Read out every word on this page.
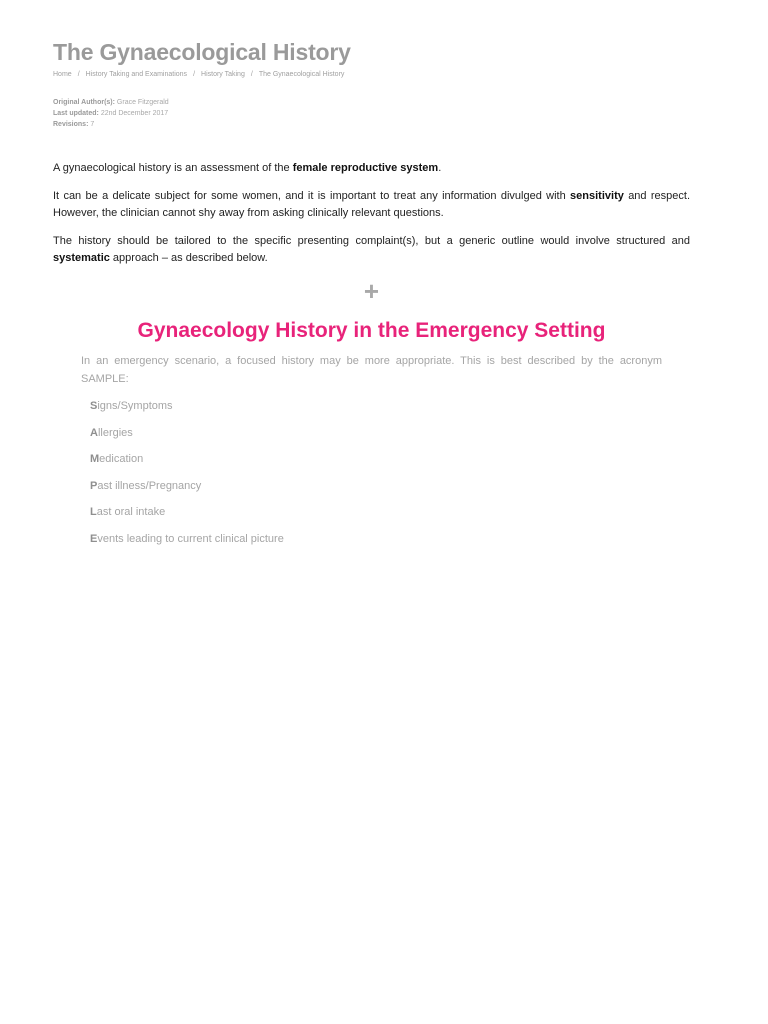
The Gynaecological History
Home / History Taking and Examinations / History Taking / The Gynaecological History
Original Author(s): Grace Fitzgerald
Last updated: 22nd December 2017
Revisions: 7

A gynaecological history is an assessment of the female reproductive system.

It can be a delicate subject for some women, and it is important to treat any information divulged with sensitivity and respect. However, the clinician cannot shy away from asking clinically relevant questions.

The history should be tailored to the specific presenting complaint(s), but a generic outline would involve structured and systematic approach – as described below.

+
Gynaecology History in the Emergency Setting
In an emergency scenario, a focused history may be more appropriate. This is best described by the acronym SAMPLE:
Signs/Symptoms
Allergies
Medication
Past illness/Pregnancy
Last oral intake
Events leading to current clinical picture
